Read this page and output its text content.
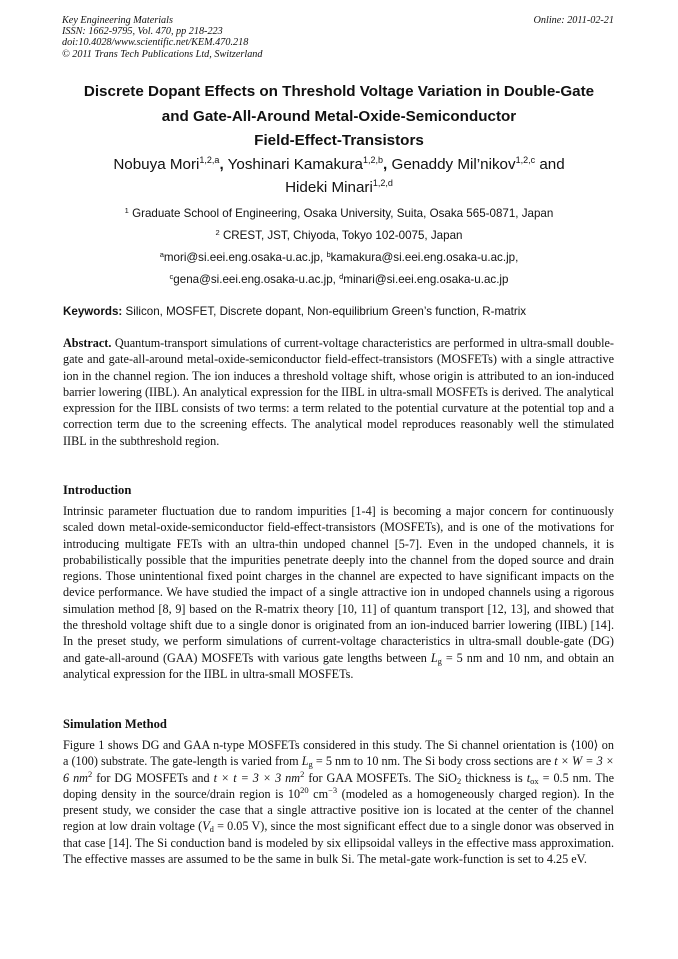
Key Engineering Materials
ISSN: 1662-9795, Vol. 470, pp 218-223
doi:10.4028/www.scientific.net/KEM.470.218
© 2011 Trans Tech Publications Ltd, Switzerland
Online: 2011-02-21
Discrete Dopant Effects on Threshold Voltage Variation in Double-Gate
and Gate-All-Around Metal-Oxide-Semiconductor
Field-Effect-Transistors
Nobuya Mori$^{1,2,a}$, Yoshinari Kamakura$^{1,2,b}$, Genaddy Mil’nikov$^{1,2,c}$ and
Hideki Minari$^{1,2,d}$
$^1$ Graduate School of Engineering, Osaka University, Suita, Osaka 565-0871, Japan
$^2$ CREST, JST, Chiyoda, Tokyo 102-0075, Japan
$^a$mori@si.eei.eng.osaka-u.ac.jp, $^b$kamakura@si.eei.eng.osaka-u.ac.jp,
$^c$gena@si.eei.eng.osaka-u.ac.jp, $^d$minari@si.eei.eng.osaka-u.ac.jp
Keywords: Silicon, MOSFET, Discrete dopant, Non-equilibrium Green’s function, R-matrix
Abstract. Quantum-transport simulations of current-voltage characteristics are performed in ultra-small double-gate and gate-all-around metal-oxide-semiconductor field-effect-transistors (MOSFETs) with a single attractive ion in the channel region. The ion induces a threshold voltage shift, whose origin is attributed to an ion-induced barrier lowering (IIBL). An analytical expression for the IIBL in ultra-small MOSFETs is derived. The analytical expression for the IIBL consists of two terms: a term related to the potential curvature at the potential top and a correction term due to the screening effects. The analytical model reproduces reasonably well the stimulated IIBL in the subthreshold region.
Introduction
Intrinsic parameter fluctuation due to random impurities [1-4] is becoming a major concern for continuously scaled down metal-oxide-semiconductor field-effect-transistors (MOSFETs), and is one of the motivations for introducing multigate FETs with an ultra-thin undoped channel [5-7]. Even in the undoped channels, it is probabilistically possible that the impurities penetrate deeply into the channel from the doped source and drain regions. Those unintentional fixed point charges in the channel are expected to have significant impacts on the device performance. We have studied the impact of a single attractive ion in undoped channels using a rigorous simulation method [8, 9] based on the R-matrix theory [10, 11] of quantum transport [12, 13], and showed that the threshold voltage shift due to a single donor is originated from an ion-induced barrier lowering (IIBL) [14]. In the preset study, we perform simulations of current-voltage characteristics in ultra-small double-gate (DG) and gate-all-around (GAA) MOSFETs with various gate lengths between $L_g = 5$ nm and 10 nm, and obtain an analytical expression for the IIBL in ultra-small MOSFETs.
Simulation Method
Figure 1 shows DG and GAA n-type MOSFETs considered in this study. The Si channel orientation is ⟨100⟩ on a (100) substrate. The gate-length is varied from $L_g = 5$ nm to 10 nm. The Si body cross sections are t × W = 3 × 6 $nm^2$ for DG MOSFETs and t × t = 3 × 3 $nm^2$ for GAA MOSFETs. The SiO$_2$ thickness is $t_{ox} = 0.5$ nm. The doping density in the source/drain region is $10^{20}$ $cm^{-3}$ (modeled as a homogeneously charged region). In the present study, we consider the case that a single attractive positive ion is located at the center of the channel region at low drain voltage ($V_d = 0.05$ V), since the most significant effect due to a single donor was observed in that case [14]. The Si conduction band is modeled by six ellipsoidal valleys in the effective mass approximation. The effective masses are assumed to be the same in bulk Si. The metal-gate work-function is set to 4.25 eV.
